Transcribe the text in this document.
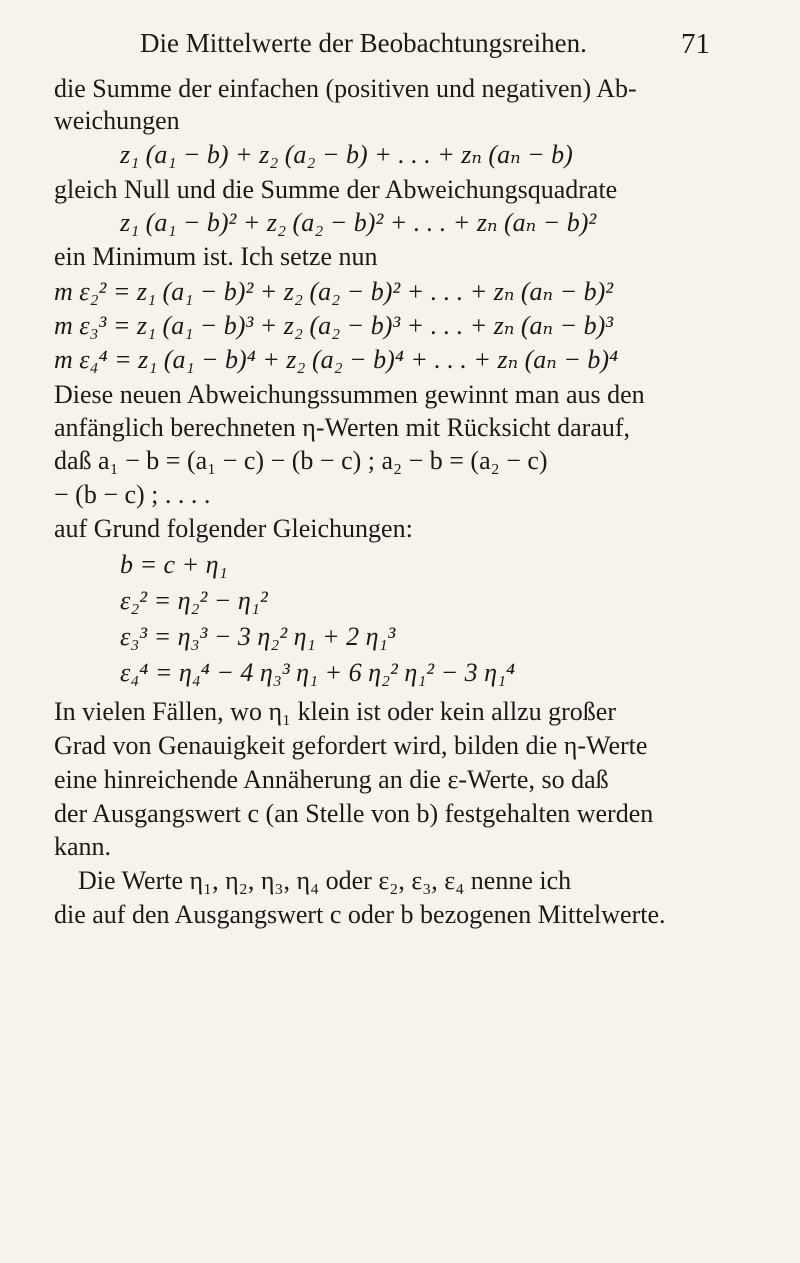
Die Mittelwerte der Beobachtungsreihen.	71
die Summe der einfachen (positiven und negativen) Ab-
weichungen
z₁ (a₁ − b) + z₂ (a₂ − b) + . . . + zₙ (aₙ − b)
gleich Null und die Summe der Abweichungsquadrate
z₁ (a₁ − b)² + z₂ (a₂ − b)² + . . . + zₙ (aₙ − b)²
ein Minimum ist. Ich setze nun
m ε₂² = z₁ (a₁ − b)² + z₂ (a₂ − b)² + . . . + zₙ (aₙ − b)²
m ε₃³ = z₁ (a₁ − b)³ + z₂ (a₂ − b)³ + . . . + zₙ (aₙ − b)³
m ε₄⁴ = z₁ (a₁ − b)⁴ + z₂ (a₂ − b)⁴ + . . . + zₙ (aₙ − b)⁴
Diese neuen Abweichungssummen gewinnt man aus den
anfänglich berechneten η-Werten mit Rücksicht darauf,
daß a₁ − b = (a₁ − c) − (b − c) ; a₂ − b = (a₂ − c)
− (b − c) ; . . . .
auf Grund folgender Gleichungen:
b = c + η₁
ε₂² = η₂² − η₁²
ε₃³ = η₃³ − 3 η₂² η₁ + 2 η₁³
ε₄⁴ = η₄⁴ − 4 η₃³ η₁ + 6 η₂² η₁² − 3 η₁⁴
In vielen Fällen, wo η₁ klein ist oder kein allzu großer
Grad von Genauigkeit gefordert wird, bilden die η-Werte
eine hinreichende Annäherung an die ε-Werte, so daß
der Ausgangswert c (an Stelle von b) festgehalten werden
kann.
Die Werte η₁, η₂, η₃, η₄ oder ε₂, ε₃, ε₄ nenne ich
die auf den Ausgangswert c oder b bezogenen Mittelwerte.
